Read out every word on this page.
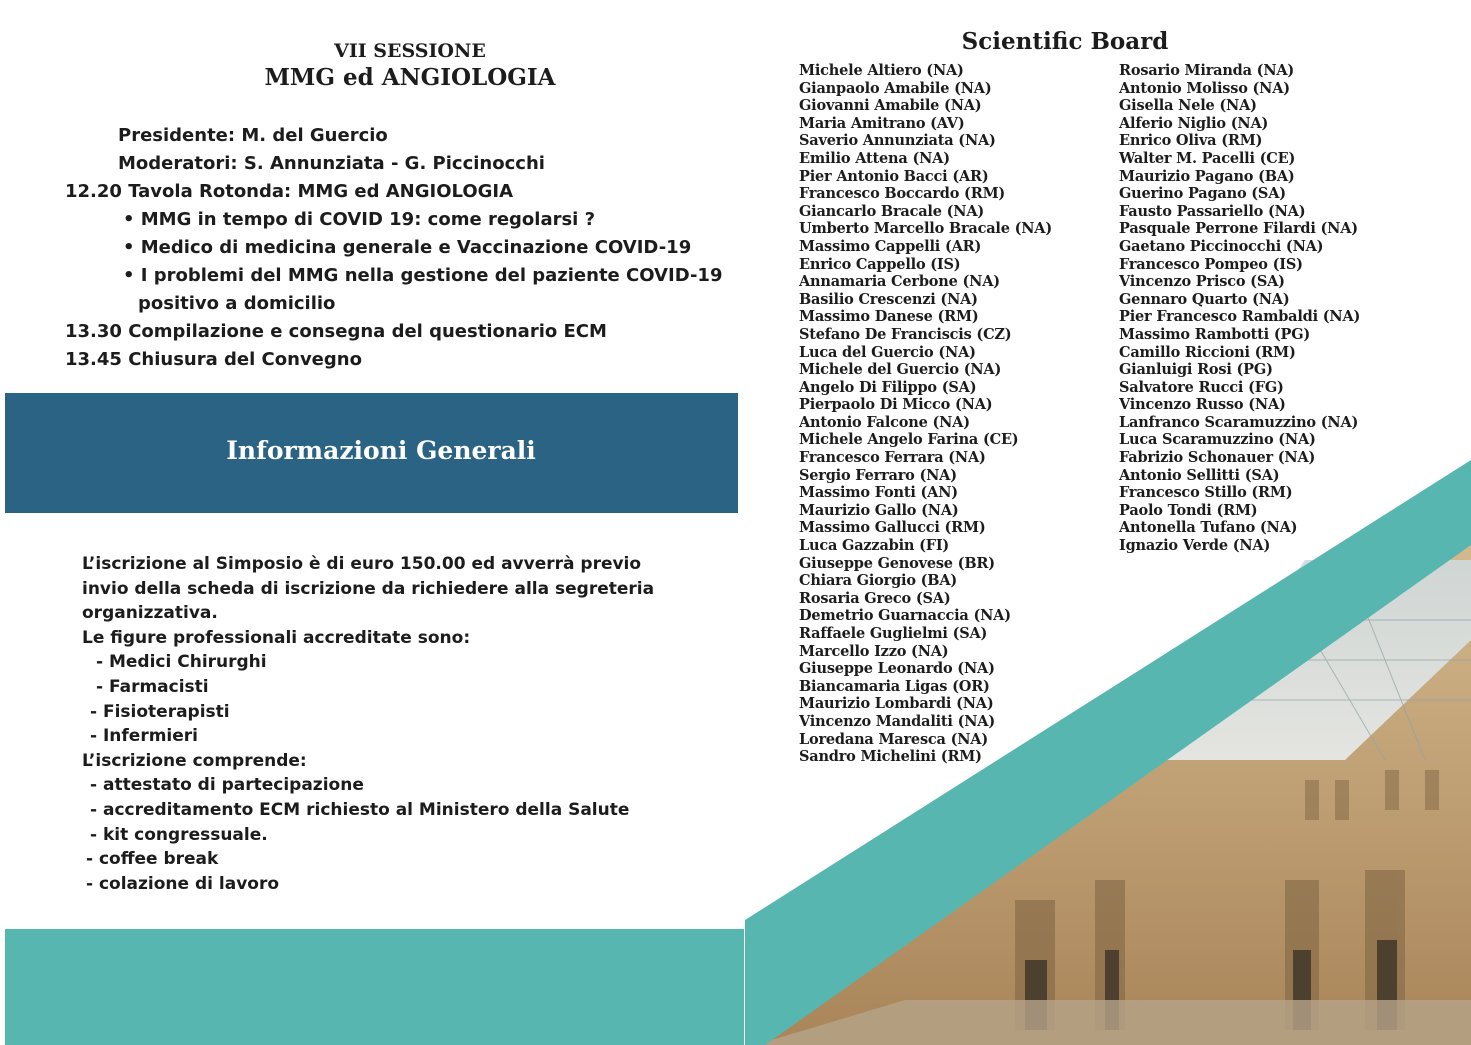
VII SESSIONE
MMG ed ANGIOLOGIA
Presidente: M. del Guercio
Moderatori: S. Annunziata - G. Piccinocchi
12.20 Tavola Rotonda: MMG ed ANGIOLOGIA
• MMG in tempo di COVID 19: come regolarsi ?
• Medico di medicina generale e Vaccinazione COVID-19
• I problemi del MMG nella gestione del paziente COVID-19
positivo a domicilio
13.30 Compilazione e consegna del questionario ECM
13.45 Chiusura del Convegno
Informazioni Generali
L’iscrizione al Simposio è di euro 150.00 ed avverrà previo
invio della scheda di iscrizione da richiedere alla segreteria
organizzativa.
Le figure professionali accreditate sono:
- Medici Chirurghi
- Farmacisti
- Fisioterapisti
- Infermieri
L’iscrizione comprende:
- attestato di partecipazione
- accreditamento ECM richiesto al Ministero della Salute
- kit congressuale.
- coffee break
- colazione di lavoro
Scientific Board
Michele Altiero (NA)
Gianpaolo Amabile (NA)
Giovanni Amabile (NA)
Maria Amitrano (AV)
Saverio Annunziata (NA)
Emilio Attena (NA)
Pier Antonio Bacci (AR)
Francesco Boccardo (RM)
Giancarlo Bracale (NA)
Umberto Marcello Bracale (NA)
Massimo Cappelli (AR)
Enrico Cappello (IS)
Annamaria Cerbone (NA)
Basilio Crescenzi (NA)
Massimo Danese (RM)
Stefano De Franciscis (CZ)
Luca del Guercio (NA)
Michele del Guercio (NA)
Angelo Di Filippo (SA)
Pierpaolo Di Micco (NA)
Antonio Falcone (NA)
Michele Angelo Farina (CE)
Francesco Ferrara (NA)
Sergio Ferraro (NA)
Massimo Fonti (AN)
Maurizio Gallo (NA)
Massimo Gallucci (RM)
Luca Gazzabin (FI)
Giuseppe Genovese (BR)
Chiara Giorgio (BA)
Rosaria Greco (SA)
Demetrio Guarnaccia (NA)
Raffaele Guglielmi (SA)
Marcello Izzo (NA)
Giuseppe Leonardo (NA)
Biancamaria Ligas (OR)
Maurizio Lombardi (NA)
Vincenzo Mandaliti (NA)
Loredana Maresca (NA)
Sandro Michelini (RM)
Rosario Miranda (NA)
Antonio Molisso (NA)
Gisella Nele (NA)
Alferio Niglio (NA)
Enrico Oliva (RM)
Walter M. Pacelli (CE)
Maurizio Pagano (BA)
Guerino Pagano (SA)
Fausto Passariello (NA)
Pasquale Perrone Filardi (NA)
Gaetano Piccinocchi (NA)
Francesco Pompeo (IS)
Vincenzo Prisco (SA)
Gennaro Quarto (NA)
Pier Francesco Rambaldi (NA)
Massimo Rambotti (PG)
Camillo Riccioni (RM)
Gianluigi Rosi (PG)
Salvatore Rucci (FG)
Vincenzo Russo (NA)
Lanfranco Scaramuzzino (NA)
Luca Scaramuzzino (NA)
Fabrizio Schonauer (NA)
Antonio Sellitti (SA)
Francesco Stillo (RM)
Paolo Tondi (RM)
Antonella Tufano (NA)
Ignazio Verde (NA)
